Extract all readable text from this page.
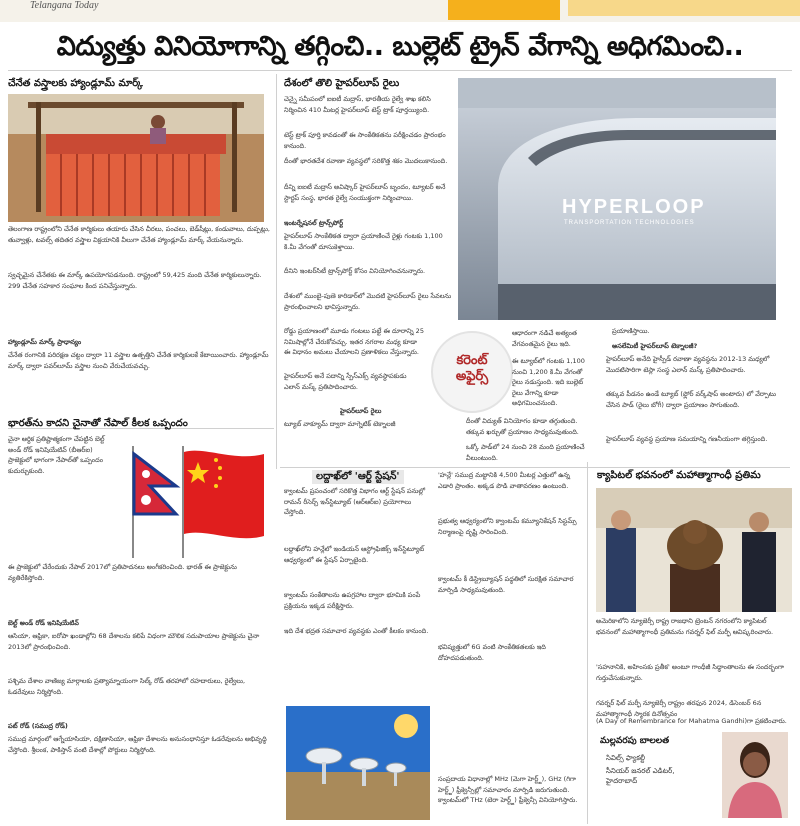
Telangana Today
విద్యుత్తు వినియోగాన్ని తగ్గించి.. బుల్లెట్ ట్రైన్ వేగాన్ని అధిగమించి..
చేనేత వస్త్రాలకు హ్యాండ్లూమ్ మార్క్
తెలంగాణ రాష్ట్రంలోని చేనేత కార్మికులు తయారు చేసిన చీరలు, పంచలు, బెడ్‌షీట్లు, కండువాలు, దుప్పట్లు, తువ్వాళ్లు, టవల్స్ తదితర వస్త్రాల విక్రయానికి వీలుగా చేనేత హ్యాండ్లూమ్ మార్క్ వేయనున్నారు.
స్వచ్ఛమైన చేనేతకు ఈ మార్క్ ఉపయోగపడనుంది. రాష్ట్రంలో 59,425 మంది చేనేత కార్మికులున్నారు. 299 చేనేత సహకార సంఘాల కింద పనిచేస్తున్నారు.
హ్యాండ్లూమ్ మార్క్ ప్రాధాన్యం
చేనేత రంగానికి పరిరక్షణ చట్టం ద్వారా 11 వస్త్రాల ఉత్పత్తిని చేనేత కార్మికులకే కేటాయించారు. హ్యాండ్లూమ్ మార్క్ ద్వారా పవర్‌లూమ్ వస్త్రాల నుంచి వేరుచేయవచ్చు.
భారత్‌ను కాదని చైనాతో నేపాల్ కీలక ఒప్పందం
చైనా ఆర్థిక ప్రతిష్టాత్మకంగా చేపట్టిన బెల్ట్ అండ్ రోడ్ ఇనిషియేటివ్ (బీఆర్ఐ) ప్రాజెక్టులో భాగంగా నేపాల్‌తో ఒప్పందం కుదుర్చుకుంది.
ఈ ప్రాజెక్టులో చేరేందుకు నేపాల్ 2017లో ప్రతిపాదనలు అంగీకరించింది. భారత్ ఈ ప్రాజెక్టును వ్యతిరేకిస్తోంది.
బెల్ట్ అండ్ రోడ్ ఇనిషియేటివ్
ఆసియా, ఆఫ్రికా, ఐరోపా ఖండాల్లోని 68 దేశాలను కలిపే విధంగా మౌలిక సదుపాయాల ప్రాజెక్టును చైనా 2013లో ప్రారంభించింది.
పశ్చిమ దేశాల వాణిజ్య మార్గాలకు ప్రత్యామ్నాయంగా సిల్క్ రోడ్ తరహాలో రహదారులు, రైల్వేలు, ఓడరేవులు నిర్మిస్తోంది.
పట్ రోడ్ (సముద్ర రోడ్)
సముద్ర మార్గంలో ఆగ్నేయాసియా, దక్షిణాసియా, ఆఫ్రికా దేశాలను అనుసంధానిస్తూ ఓడరేవులను అభివృద్ధి చేస్తోంది. శ్రీలంక, పాకిస్తాన్ వంటి దేశాల్లో పోర్టులు నిర్మిస్తోంది.
దేశంలో తొలి హైపర్‌లూప్ రైలు
చెన్నై సమీపంలో ఐఐటీ మద్రాస్, భారతీయ రైల్వే శాఖ కలిసి నిర్మించిన 410 మీటర్ల హైపర్‌లూప్ టెస్ట్ ట్రాక్ పూర్తయ్యింది.
టెస్ట్ ట్రాక్ పూర్తి కావడంతో ఈ సాంకేతికతను పరీక్షించడం ప్రారంభం కానుంది.
దీంతో భారతదేశ రవాణా వ్యవస్థలో సరికొత్త శకం మొదలుకానుంది.
దీన్ని ఐఐటీ మద్రాస్ అవిష్కార్ హైపర్‌లూప్ బృందం, ట్యూటర్ అనే స్టార్టప్ సంస్థ, భారత రైల్వే సంయుక్తంగా నిర్మించాయి.
ఇంటర్నేషనల్ ట్రాన్స్‌పోర్ట్
హైపర్‌లూప్ సాంకేతికత ద్వారా ప్రయాణించే రైళ్లు గంటకు 1,100 కి.మీ వేగంతో దూసుకెళ్తాయి.
దీనిని ఇంటర్‌సిటీ ట్రాన్స్‌పోర్ట్ కోసం వినియోగించనున్నారు.
దేశంలో ముంబై-పుణె కారిడార్‌లో మొదటి హైపర్‌లూప్ రైలు సేవలను ప్రారంభించాలని భావిస్తున్నారు.
రోడ్డు ప్రయాణంలో మూడు గంటలు పట్టే ఈ దూరాన్ని 25 నిమిషాల్లోనే చేరుకోవచ్చు. ఇతర నగరాల మధ్య కూడా ఈ విధానం అమలు చేయాలని ప్రణాళికలు వేస్తున్నారు.
హైపర్‌లూప్ అనే పదాన్ని స్పేస్ఎక్స్ వ్యవస్థాపకుడు ఎలాన్ మస్క్ ప్రతిపాదించారు.
హైపర్‌లూప్ రైలు
ట్యూబ్ వాక్యూమ్ ద్వారా మాగ్నెటిక్ టెక్నాలజీ
కరెంట్
అఫైర్స్
HYPERLOOP
TRANSPORTATION TECHNOLOGIES
ఆధారంగా నడిచే అత్యంత వేగవంతమైన రైలు ఇది.
ఈ ట్యూబ్‌లో గంటకు 1,100 నుంచి 1,200 కి.మీ వేగంతో రైలు నడుస్తుంది. ఇది బుల్లెట్ రైలు వేగాన్ని కూడా అధిగమించనుంది.
దీంతో విద్యుత్ వినియోగం కూడా తగ్గుతుంది. తక్కువ ఖర్చుతో ప్రయాణం సాధ్యమవుతుంది.
ఒక్కో పాడ్‌లో 24 నుంచి 28 మంది ప్రయాణించే వీలుంటుంది.
ప్రయాణిస్తాయి.
అసలేమిటీ హైపర్‌లూప్ టెక్నాలజీ?
హైపర్‌లూప్ అనేది హైస్పీడ్ రవాణా వ్యవస్థను 2012-13 మధ్యలో మొదటిసారిగా టెస్లా సంస్థ ఎలాన్ మస్క్ ప్రతిపాదించారు.
తక్కువ పీడనం ఉండే ట్యూబ్ (ఫ్లోర్ వర్క్‌షాప్ అంటారు) లో వేర్పాటు చేసిన పాడ్ (రైలు బోగీ) ద్వారా ప్రయాణం సాగుతుంది.
హైపర్‌లూప్ వ్యవస్థ ప్రయాణ సమయాన్ని గణనీయంగా తగ్గిస్తుంది.
లద్దాఖ్‌లో 'ఆర్ట్ స్టేషన్'
క్వాంటమ్ ప్రపంచంలో సరికొత్త విభాగం ఆర్ట్ స్టేషన్ పనుల్లో రామన్ రీసెర్చ్ ఇన్‌స్టిట్యూట్ (ఆర్ఆర్ఐ) ప్రయోగాలు చేస్తోంది.
లద్దాఖ్‌లోని హన్లేలో ఇండియన్ ఆస్ట్రోఫిజిక్స్ ఇన్‌స్టిట్యూట్ ఆధ్వర్యంలో ఈ స్టేషన్ ఏర్పాటైంది.
క్వాంటమ్ సంకేతాలను ఉపగ్రహాల ద్వారా భూమికి పంపే ప్రక్రియను ఇక్కడ పరీక్షిస్తారు.
ఇది దేశ భద్రత సమాచార వ్యవస్థకు ఎంతో కీలకం కానుంది.
'హన్లే' సముద్ర మట్టానికి 4,500 మీటర్ల ఎత్తులో ఉన్న ఎడారి ప్రాంతం. అక్కడ పొడి వాతావరణం ఉంటుంది.
ప్రభుత్వ ఆధ్వర్యంలోని క్వాంటమ్ కమ్యూనికేషన్ సిస్టమ్స్ నిర్మాణంపై దృష్టి సారించింది.
క్వాంటమ్ కీ డిస్ట్రిబ్యూషన్ పద్ధతిలో సురక్షిత సమాచార మార్పిడి సాధ్యమవుతుంది.
భవిష్యత్తులో 6G వంటి సాంకేతికతలకు ఇది దోహదపడుతుంది.
సంప్రదాయ విధానాల్లో MHz (మెగా హెర్ట్జ్), GHz (గిగా హెర్ట్జ్) ఫ్రీక్వెన్సీల్లో సమాచారం మార్పిడి జరుగుతుంది. క్వాంటమ్‌లో THz (టెరా హెర్ట్జ్) ఫ్రీక్వెన్సీ వినియోగిస్తారు.
క్యాపిటల్ భవనంలో మహాత్మాగాంధీ ప్రతిమ
అమెరికాలోని న్యూజెర్సీ రాష్ట్ర రాజధాని ట్రెంటన్ నగరంలోని క్యాపిటల్ భవనంలో మహాత్మాగాంధీ ప్రతిమను గవర్నర్ ఫిల్ మర్ఫీ ఆవిష్కరించారు.
'సహనానికి, అహింసకు ప్రతీక' అంటూ గాంధీజీ సిద్ధాంతాలను ఈ సందర్భంగా గుర్తుచేసుకున్నారు.
గవర్నర్ ఫిల్ మర్ఫీ న్యూజెర్సీ రాష్ట్రం తరఫున 2024, డిసెంబర్ 6న మహాత్మాగాంధీ స్మారక దినోత్సవం
(A Day of Remembrance for Mahatma Gandhi)గా ప్రకటించారు.
మల్లవరపు బాలలత
సివిల్స్ ఫ్యాకల్టీ
సీనియర్ జనరల్ ఎడిటర్, హైదరాబాద్
